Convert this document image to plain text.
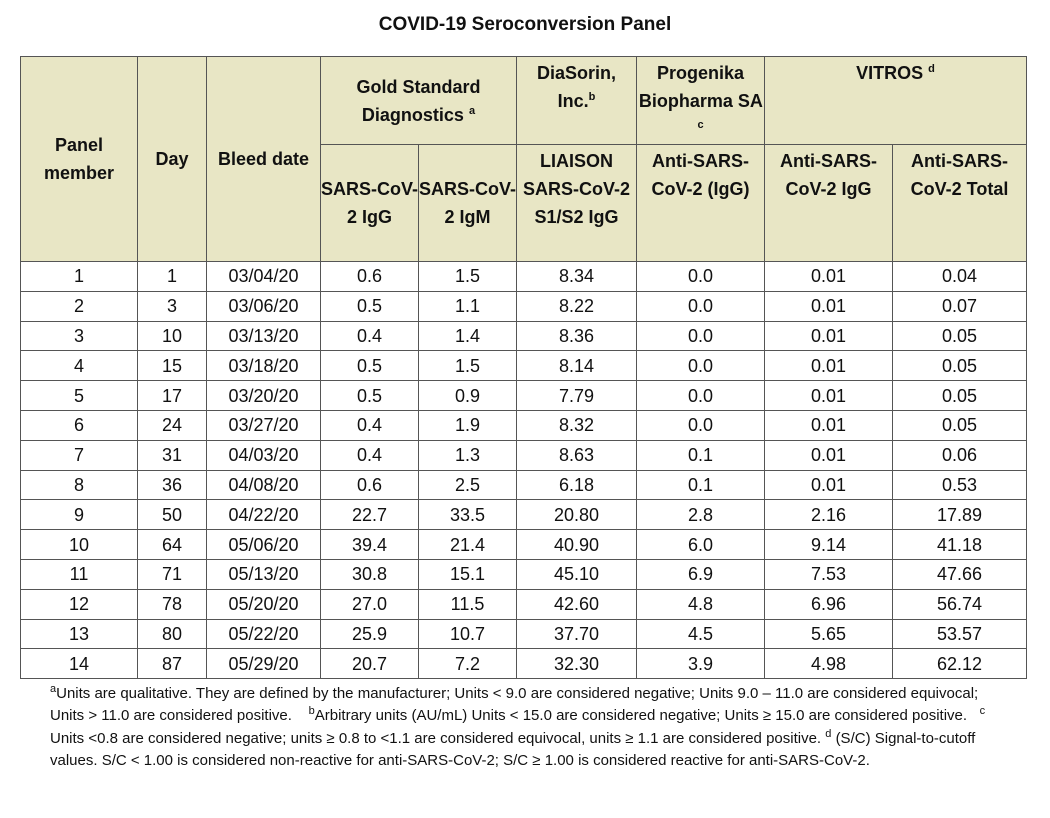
COVID-19 Seroconversion Panel
Panel member	Day	Bleed date	Gold Standard Diagnostics $^a$		DiaSorin, Inc.$^b$	Progenika Biopharma SA $^c$	VITROS $^d$
			SARS-CoV-2 IgG	SARS-CoV-2 IgM	LIAISON SARS-CoV-2 S1/S2 IgG	Anti-SARS-CoV-2 (IgG)	Anti-SARS-CoV-2 IgG	Anti-SARS-CoV-2 Total
1	1	03/04/20	0.6	1.5	8.34	0.0	0.01	0.04
2	3	03/06/20	0.5	1.1	8.22	0.0	0.01	0.07
3	10	03/13/20	0.4	1.4	8.36	0.0	0.01	0.05
4	15	03/18/20	0.5	1.5	8.14	0.0	0.01	0.05
5	17	03/20/20	0.5	0.9	7.79	0.0	0.01	0.05
6	24	03/27/20	0.4	1.9	8.32	0.0	0.01	0.05
7	31	04/03/20	0.4	1.3	8.63	0.1	0.01	0.06
8	36	04/08/20	0.6	2.5	6.18	0.1	0.01	0.53
9	50	04/22/20	22.7	33.5	20.80	2.8	2.16	17.89
10	64	05/06/20	39.4	21.4	40.90	6.0	9.14	41.18
11	71	05/13/20	30.8	15.1	45.10	6.9	7.53	47.66
12	78	05/20/20	27.0	11.5	42.60	4.8	6.96	56.74
13	80	05/22/20	25.9	10.7	37.70	4.5	5.65	53.57
14	87	05/29/20	20.7	7.2	32.30	3.9	4.98	62.12
$^a$Units are qualitative. They are defined by the manufacturer; Units < 9.0 are considered negative; Units 9.0 – 11.0 are considered equivocal; Units > 11.0 are considered positive. $^b$Arbitrary units (AU/mL) Units < 15.0 are considered negative; Units ≥ 15.0 are considered positive. $^c$ Units <0.8 are considered negative; units ≥ 0.8 to <1.1 are considered equivocal, units ≥ 1.1 are considered positive. $^d$ (S/C) Signal-to-cutoff values. S/C < 1.00 is considered non-reactive for anti-SARS-CoV-2; S/C ≥ 1.00 is considered reactive for anti-SARS-CoV-2.
